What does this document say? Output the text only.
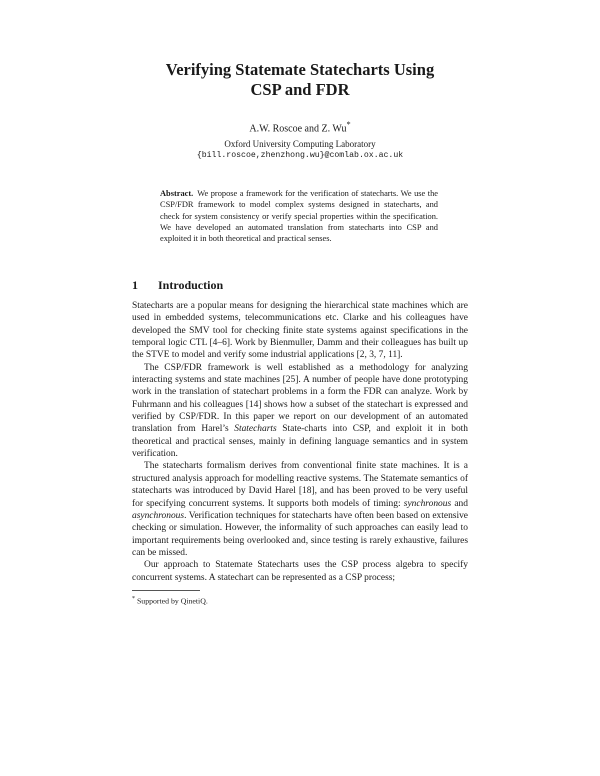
Verifying Statemate Statecharts Using
CSP and FDR
A.W. Roscoe and Z. Wu*
Oxford University Computing Laboratory
{bill.roscoe,zhenzhong.wu}@comlab.ox.ac.uk
Abstract. We propose a framework for the verification of statecharts. We use the CSP/FDR framework to model complex systems designed in statecharts, and check for system consistency or verify special properties within the specification. We have developed an automated translation from statecharts into CSP and exploited it in both theoretical and practical senses.
1 Introduction

Statecharts are a popular means for designing the hierarchical state machines which are used in embedded systems, telecommunications etc. Clarke and his colleagues have developed the SMV tool for checking finite state systems against specifications in the temporal logic CTL [4–6]. Work by Bienmuller, Damm and their colleagues has built up the STVE to model and verify some industrial applications [2, 3, 7, 11].

The CSP/FDR framework is well established as a methodology for analyzing interacting systems and state machines [25]. A number of people have done prototyping work in the translation of statechart problems in a form the FDR can analyze. Work by Fuhrmann and his colleagues [14] shows how a subset of the statechart is expressed and verified by CSP/FDR. In this paper we report on our development of an automated translation from Harel’s Statecharts State-charts into CSP, and exploit it in both theoretical and practical senses, mainly in defining language semantics and in system verification.

The statecharts formalism derives from conventional finite state machines. It is a structured analysis approach for modelling reactive systems. The Statemate semantics of statecharts was introduced by David Harel [18], and has been proved to be very useful for specifying concurrent systems. It supports both models of timing: synchronous and asynchronous. Verification techniques for statecharts have often been based on extensive checking or simulation. However, the informality of such approaches can easily lead to important requirements being overlooked and, since testing is rarely exhaustive, failures can be missed.

Our approach to Statemate Statecharts uses the CSP process algebra to specify concurrent systems. A statechart can be represented as a CSP process;

* Supported by QinetiQ.
